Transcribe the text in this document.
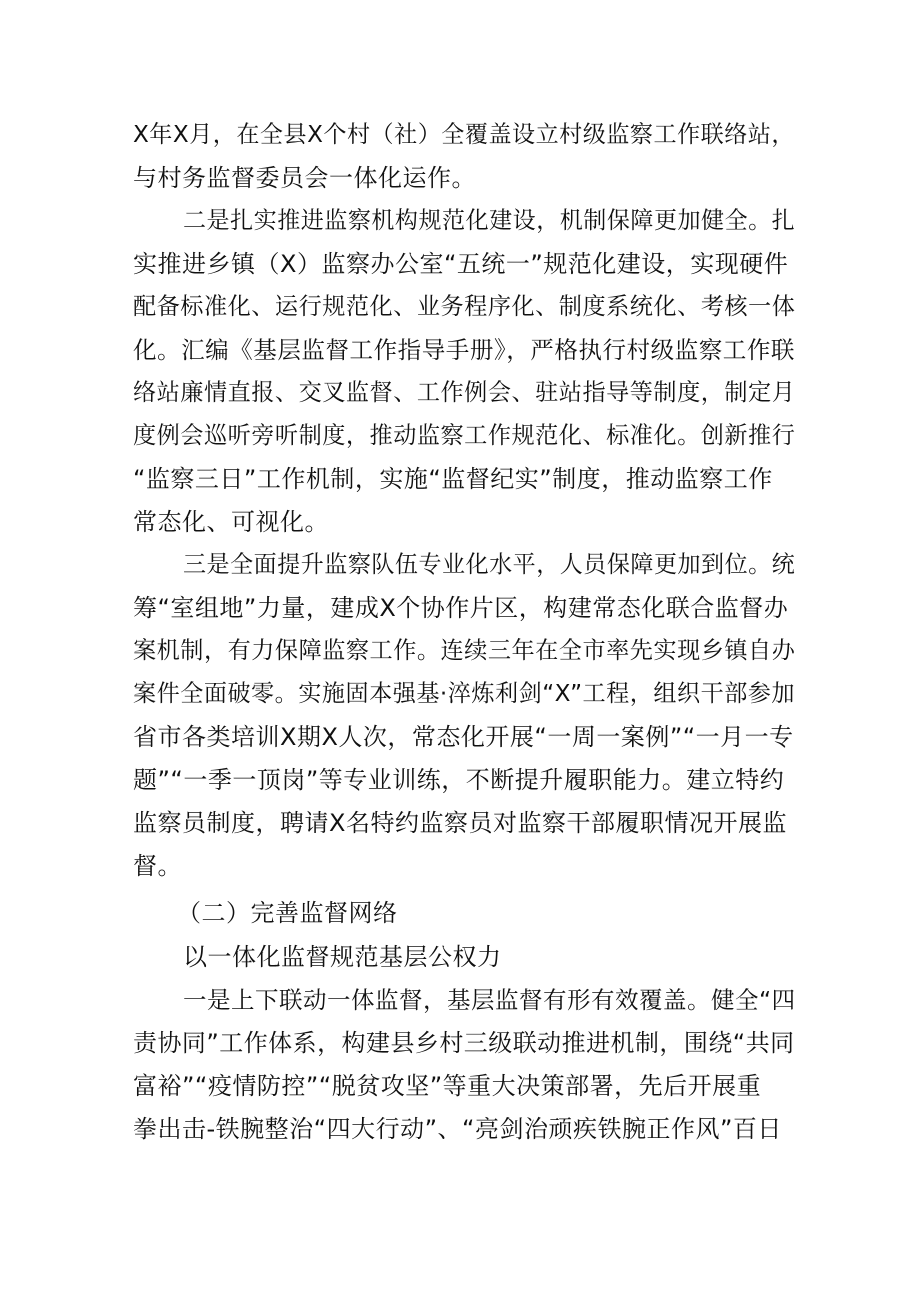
X年X月，在全县X个村（社）全覆盖设立村级监察工作联络站，
与村务监督委员会一体化运作。
二是扎实推进监察机构规范化建设，机制保障更加健全。扎
实推进乡镇（X）监察办公室“五统一”规范化建设，实现硬件
配备标准化、运行规范化、业务程序化、制度系统化、考核一体
化。汇编《基层监督工作指导手册》，严格执行村级监察工作联
络站廉情直报、交叉监督、工作例会、驻站指导等制度，制定月
度例会巡听旁听制度，推动监察工作规范化、标准化。创新推行
“监察三日”工作机制，实施“监督纪实”制度，推动监察工作
常态化、可视化。
三是全面提升监察队伍专业化水平，人员保障更加到位。统
筹“室组地”力量，建成X个协作片区，构建常态化联合监督办
案机制，有力保障监察工作。连续三年在全市率先实现乡镇自办
案件全面破零。实施固本强基·淬炼利剑“X”工程，组织干部参加
省市各类培训X期X人次，常态化开展“一周一案例”“一月一专
题”“一季一顶岗”等专业训练，不断提升履职能力。建立特约
监察员制度，聘请X名特约监察员对监察干部履职情况开展监
督。
（二）完善监督网络
以一体化监督规范基层公权力
一是上下联动一体监督，基层监督有形有效覆盖。健全“四
责协同”工作体系，构建县乡村三级联动推进机制，围绕“共同
富裕”“疫情防控”“脱贫攻坚”等重大决策部署，先后开展重
拳出击-铁腕整治“四大行动”、“亮剑治顽疾铁腕正作风”百日
